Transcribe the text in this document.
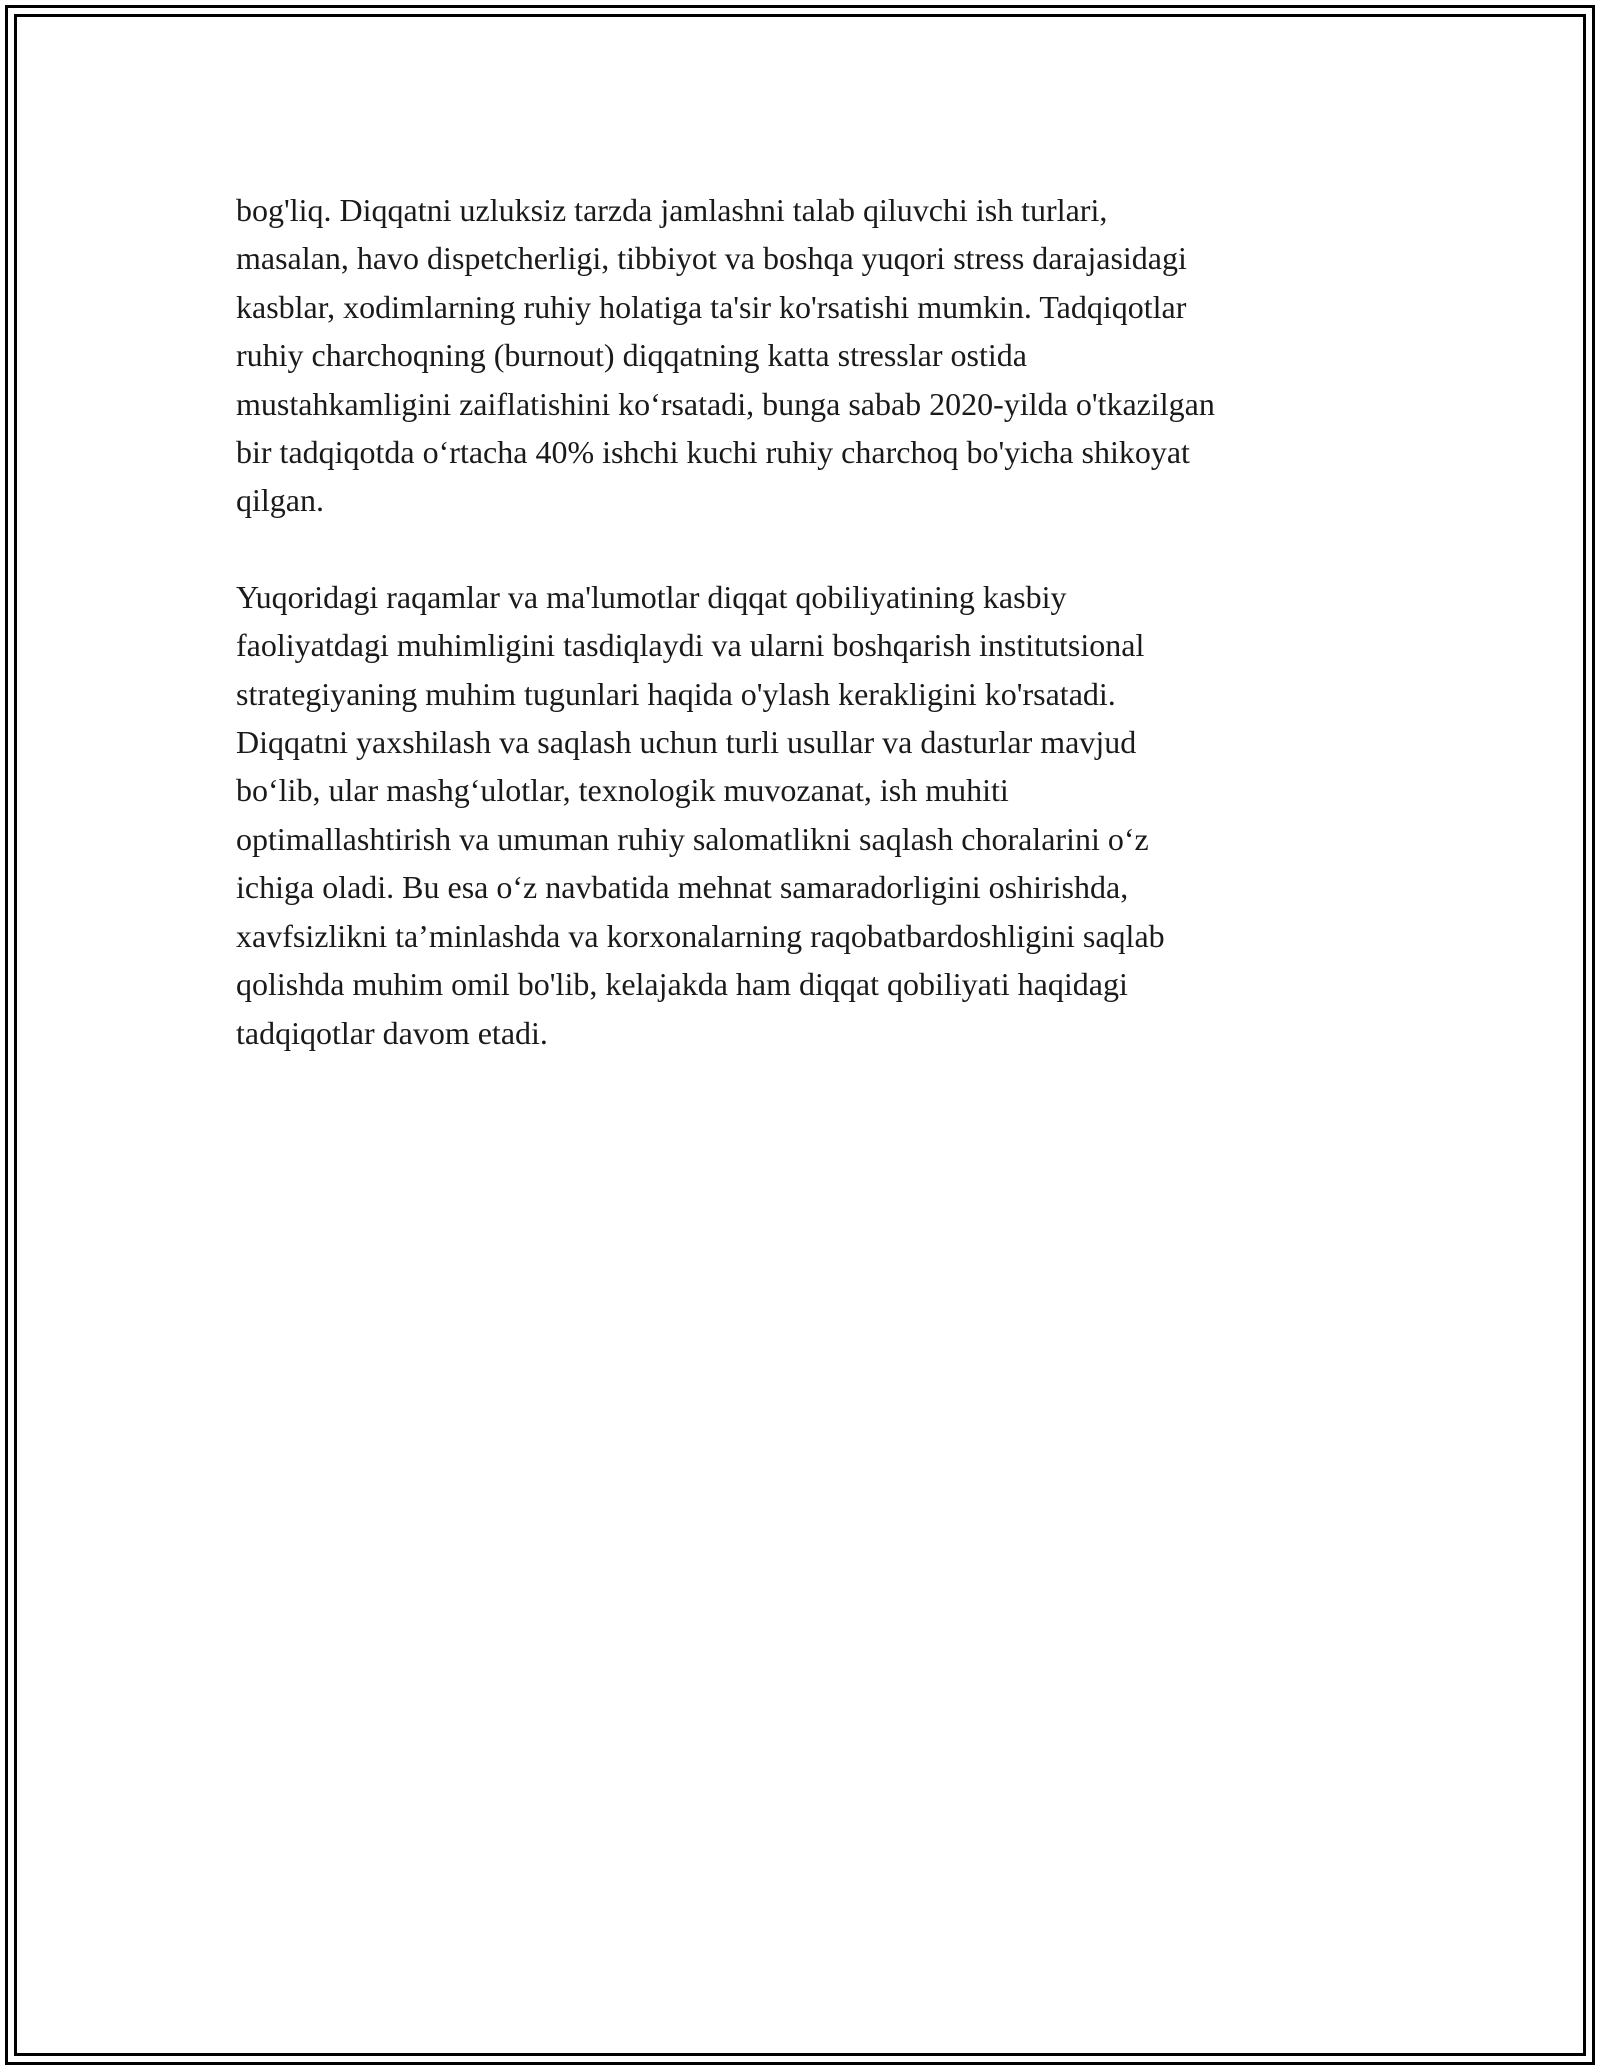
bog'liq. Diqqatni uzluksiz tarzda jamlashni talab qiluvchi ish turlari,
masalan, havo dispetcherligi, tibbiyot va boshqa yuqori stress darajasidagi
kasblar, xodimlarning ruhiy holatiga ta'sir ko'rsatishi mumkin. Tadqiqotlar
ruhiy charchoqning (burnout) diqqatning katta stresslar ostida
mustahkamligini zaiflatishini ko‘rsatadi, bunga sabab 2020-yilda o'tkazilgan
bir tadqiqotda o‘rtacha 40% ishchi kuchi ruhiy charchoq bo'yicha shikoyat
qilgan.

Yuqoridagi raqamlar va ma'lumotlar diqqat qobiliyatining kasbiy
faoliyatdagi muhimligini tasdiqlaydi va ularni boshqarish institutsional
strategiyaning muhim tugunlari haqida o'ylash kerakligini ko'rsatadi.
Diqqatni yaxshilash va saqlash uchun turli usullar va dasturlar mavjud
bo‘lib, ular mashg‘ulotlar, texnologik muvozanat, ish muhiti
optimallashtirish va umuman ruhiy salomatlikni saqlash choralarini o‘z
ichiga oladi. Bu esa o‘z navbatida mehnat samaradorligini oshirishda,
xavfsizlikni ta’minlashda va korxonalarning raqobatbardoshligini saqlab
qolishda muhim omil bo'lib, kelajakda ham diqqat qobiliyati haqidagi
tadqiqotlar davom etadi.
